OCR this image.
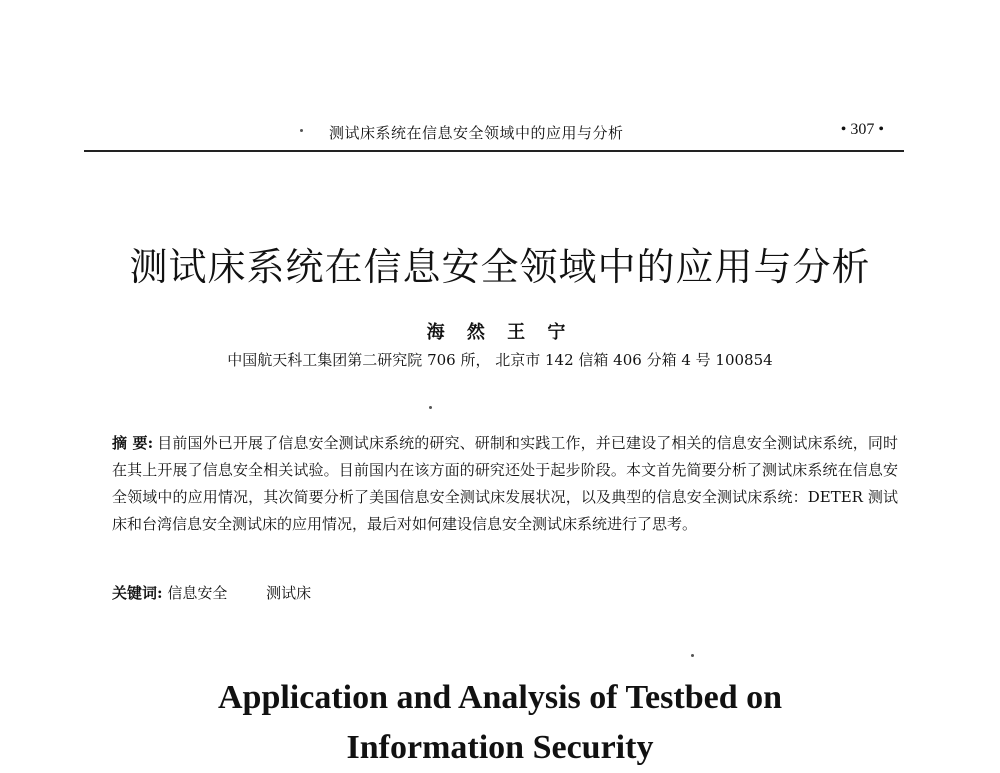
测试床系统在信息安全领域中的应用与分析	• 307 •
测试床系统在信息安全领域中的应用与分析
海 然 王 宁
中国航天科工集团第二研究院 706 所， 北京市 142 信箱 406 分箱 4 号 100854
摘 要: 目前国外已开展了信息安全测试床系统的研究、研制和实践工作，并已建设了相关的信息安全测试床系统，同时在其上开展了信息安全相关试验。目前国内在该方面的研究还处于起步阶段。本文首先简要分析了测试床系统在信息安全领域中的应用情况，其次简要分析了美国信息安全测试床发展状况，以及典型的信息安全测试床系统：DETER 测试床和台湾信息安全测试床的应用情况，最后对如何建设信息安全测试床系统进行了思考。
关键词: 信息安全	测试床
Application and Analysis of Testbed on
Information Security
